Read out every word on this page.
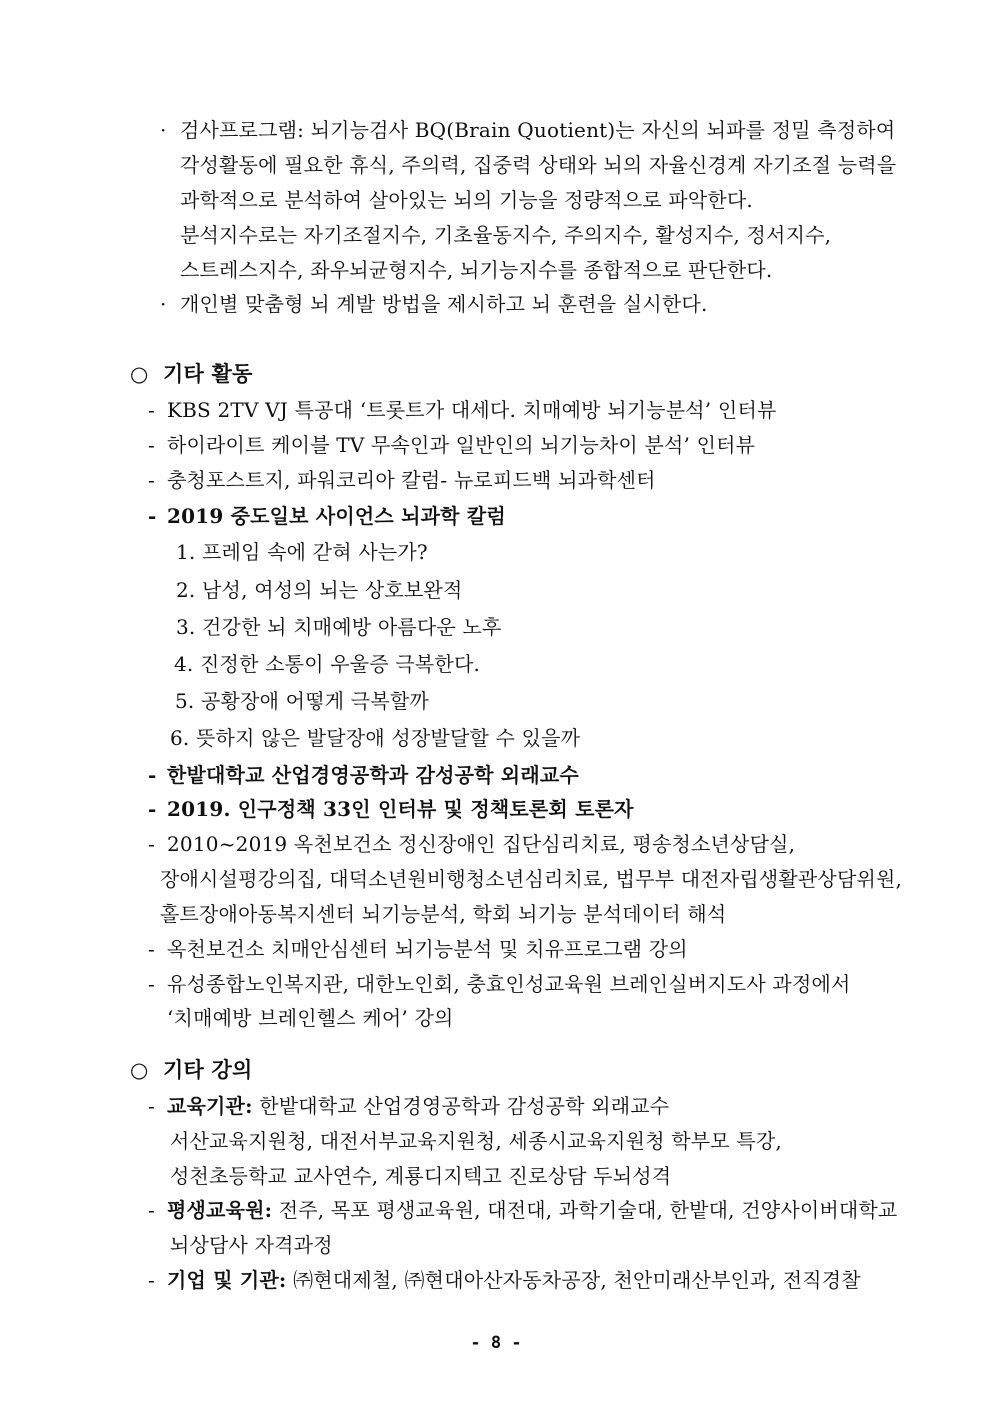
· 검사프로그램: 뇌기능검사 BQ(Brain Quotient)는 자신의 뇌파를 정밀 측정하여
각성활동에 필요한 휴식, 주의력, 집중력 상태와 뇌의 자율신경계 자기조절 능력을
과학적으로 분석하여 살아있는 뇌의 기능을 정량적으로 파악한다.
분석지수로는 자기조절지수, 기초율동지수, 주의지수, 활성지수, 정서지수,
스트레스지수, 좌우뇌균형지수, 뇌기능지수를 종합적으로 판단한다.
· 개인별 맞춤형 뇌 계발 방법을 제시하고 뇌 훈련을 실시한다.
○ 기타 활동
- KBS 2TV VJ 특공대 ‘트롯트가 대세다. 치매예방 뇌기능분석’ 인터뷰
- 하이라이트 케이블 TV 무속인과 일반인의 뇌기능차이 분석’ 인터뷰
- 충청포스트지, 파워코리아 칼럼- 뉴로피드백 뇌과학센터
- 2019 중도일보 사이언스 뇌과학 칼럼
1. 프레임 속에 갇혀 사는가?
2. 남성, 여성의 뇌는 상호보완적
3. 건강한 뇌 치매예방 아름다운 노후
4. 진정한 소통이 우울증 극복한다.
5. 공황장애 어떻게 극복할까
6. 뜻하지 않은 발달장애 성장발달할 수 있을까
- 한밭대학교 산업경영공학과 감성공학 외래교수
- 2019. 인구정책 33인 인터뷰 및 정책토론회 토론자
- 2010~2019 옥천보건소 정신장애인 집단심리치료, 평송청소년상담실,
장애시설평강의집, 대덕소년원비행청소년심리치료, 법무부 대전자립생활관상담위원,
홀트장애아동복지센터 뇌기능분석, 학회 뇌기능 분석데이터 해석
- 옥천보건소 치매안심센터 뇌기능분석 및 치유프로그램 강의
- 유성종합노인복지관, 대한노인회, 충효인성교육원 브레인실버지도사 과정에서
‘치매예방 브레인헬스 케어’ 강의
○ 기타 강의
- 교육기관: 한밭대학교 산업경영공학과 감성공학 외래교수
서산교육지원청, 대전서부교육지원청, 세종시교육지원청 학부모 특강,
성천초등학교 교사연수, 계룡디지텍고 진로상담 두뇌성격
- 평생교육원: 전주, 목포 평생교육원, 대전대, 과학기술대, 한밭대, 건양사이버대학교
뇌상담사 자격과정
- 기업 및 기관: ㈜현대제철, ㈜현대아산자동차공장, 천안미래산부인과, 전직경찰
- 8 -
